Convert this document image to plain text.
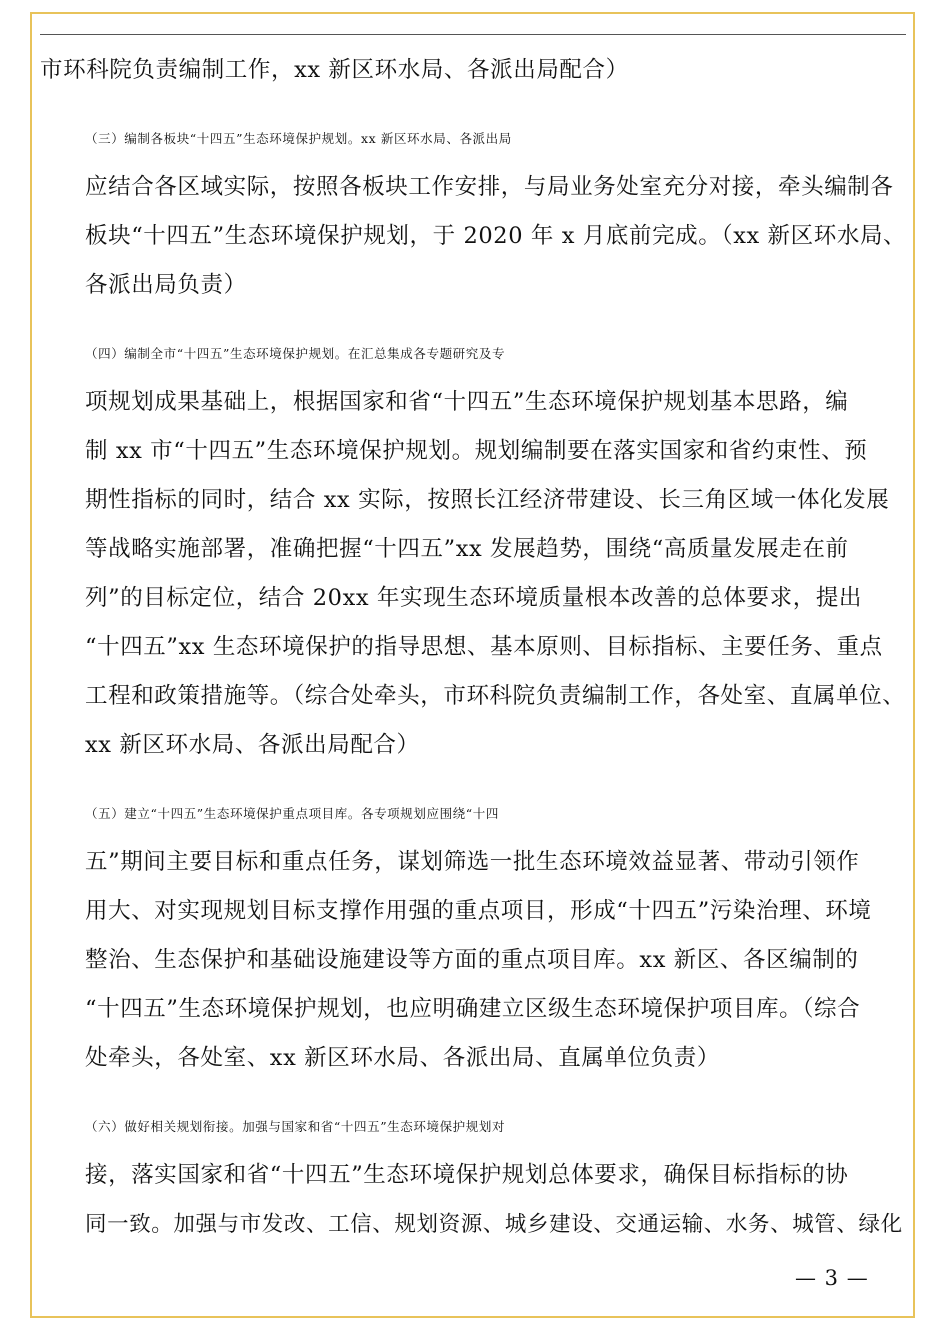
市环科院负责编制工作，xx 新区环水局、各派出局配合）

（三）编制各板块“十四五”生态环境保护规划。xx 新区环水局、各派出局
应结合各区域实际，按照各板块工作安排，与局业务处室充分对接，牵头编制各
板块“十四五”生态环境保护规划，于 2020 年 x 月底前完成。（xx 新区环水局、
各派出局负责）

（四）编制全市“十四五”生态环境保护规划。在汇总集成各专题研究及专
项规划成果基础上，根据国家和省“十四五”生态环境保护规划基本思路，编
制 xx 市“十四五”生态环境保护规划。规划编制要在落实国家和省约束性、预
期性指标的同时，结合 xx 实际，按照长江经济带建设、长三角区域一体化发展
等战略实施部署，准确把握“十四五”xx 发展趋势，围绕“高质量发展走在前
列”的目标定位，结合 20xx 年实现生态环境质量根本改善的总体要求，提出
“十四五”xx 生态环境保护的指导思想、基本原则、目标指标、主要任务、重点
工程和政策措施等。（综合处牵头，市环科院负责编制工作，各处室、直属单位、
xx 新区环水局、各派出局配合）

（五）建立“十四五”生态环境保护重点项目库。各专项规划应围绕“十四
五”期间主要目标和重点任务，谋划筛选一批生态环境效益显著、带动引领作
用大、对实现规划目标支撑作用强的重点项目，形成“十四五”污染治理、环境
整治、生态保护和基础设施建设等方面的重点项目库。xx 新区、各区编制的
“十四五”生态环境保护规划，也应明确建立区级生态环境保护项目库。（综合
处牵头，各处室、xx 新区环水局、各派出局、直属单位负责）

（六）做好相关规划衔接。加强与国家和省“十四五”生态环境保护规划对
接，落实国家和省“十四五”生态环境保护规划总体要求，确保目标指标的协
同一致。加强与市发改、工信、规划资源、城乡建设、交通运输、水务、城管、绿化

— 3 —
